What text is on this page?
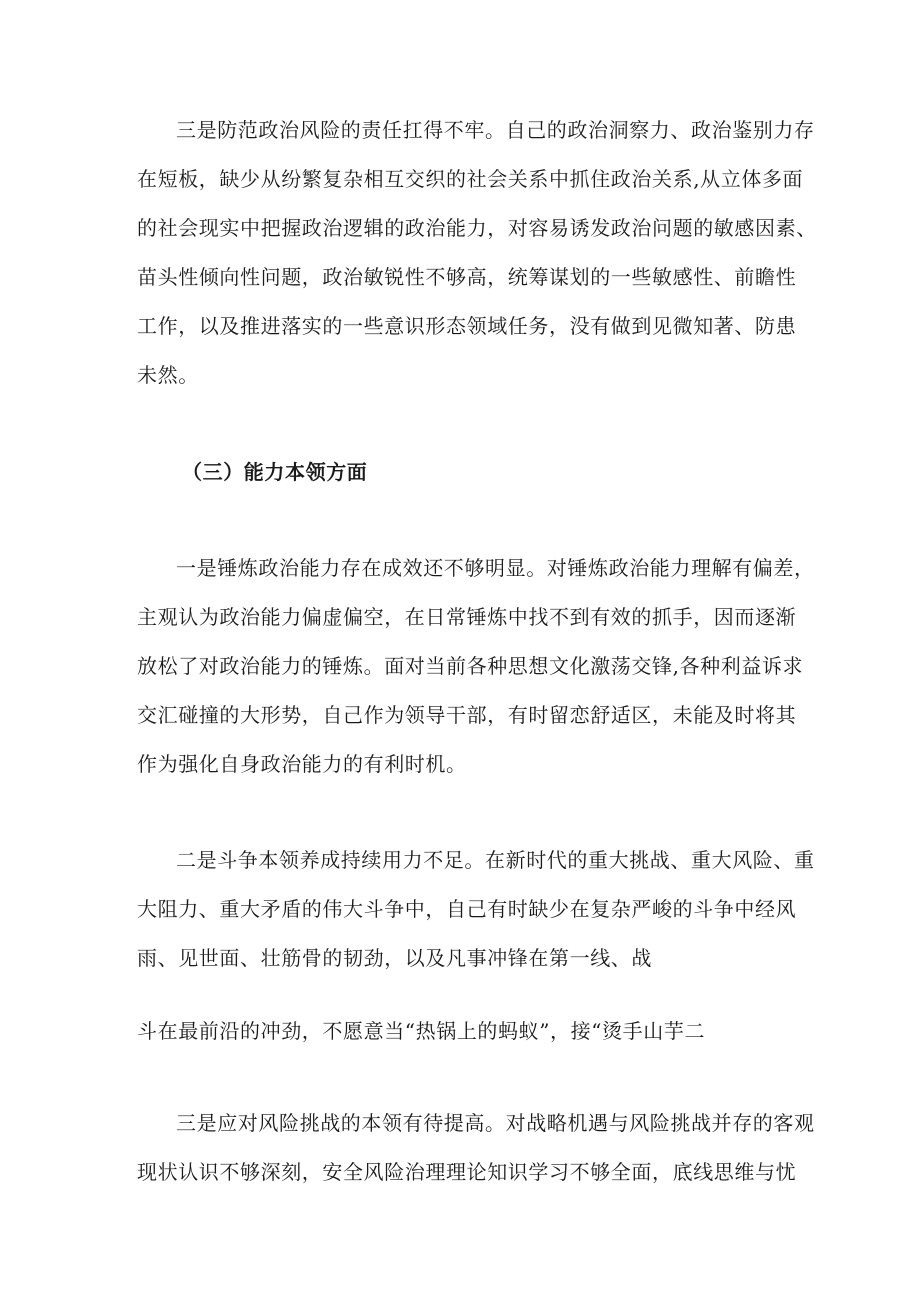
三是防范政治风险的责任扛得不牢。自己的政治洞察力、政治鉴别力存
在短板，缺少从纷繁复杂相互交织的社会关系中抓住政治关系,从立体多面
的社会现实中把握政治逻辑的政治能力，对容易诱发政治问题的敏感因素、
苗头性倾向性问题，政治敏锐性不够高，统筹谋划的一些敏感性、前瞻性
工作，以及推进落实的一些意识形态领域任务，没有做到见微知著、防患
未然。
（三）能力本领方面
一是锤炼政治能力存在成效还不够明显。对锤炼政治能力理解有偏差，
主观认为政治能力偏虚偏空，在日常锤炼中找不到有效的抓手，因而逐渐
放松了对政治能力的锤炼。面对当前各种思想文化激荡交锋,各种利益诉求
交汇碰撞的大形势，自己作为领导干部，有时留恋舒适区，未能及时将其
作为强化自身政治能力的有利时机。
二是斗争本领养成持续用力不足。在新时代的重大挑战、重大风险、重
大阻力、重大矛盾的伟大斗争中，自己有时缺少在复杂严峻的斗争中经风
雨、见世面、壮筋骨的韧劲，以及凡事冲锋在第一线、战
斗在最前沿的冲劲，不愿意当“热锅上的蚂蚁”，接“烫手山芋二
三是应对风险挑战的本领有待提高。对战略机遇与风险挑战并存的客观
现状认识不够深刻，安全风险治理理论知识学习不够全面，底线思维与忧
